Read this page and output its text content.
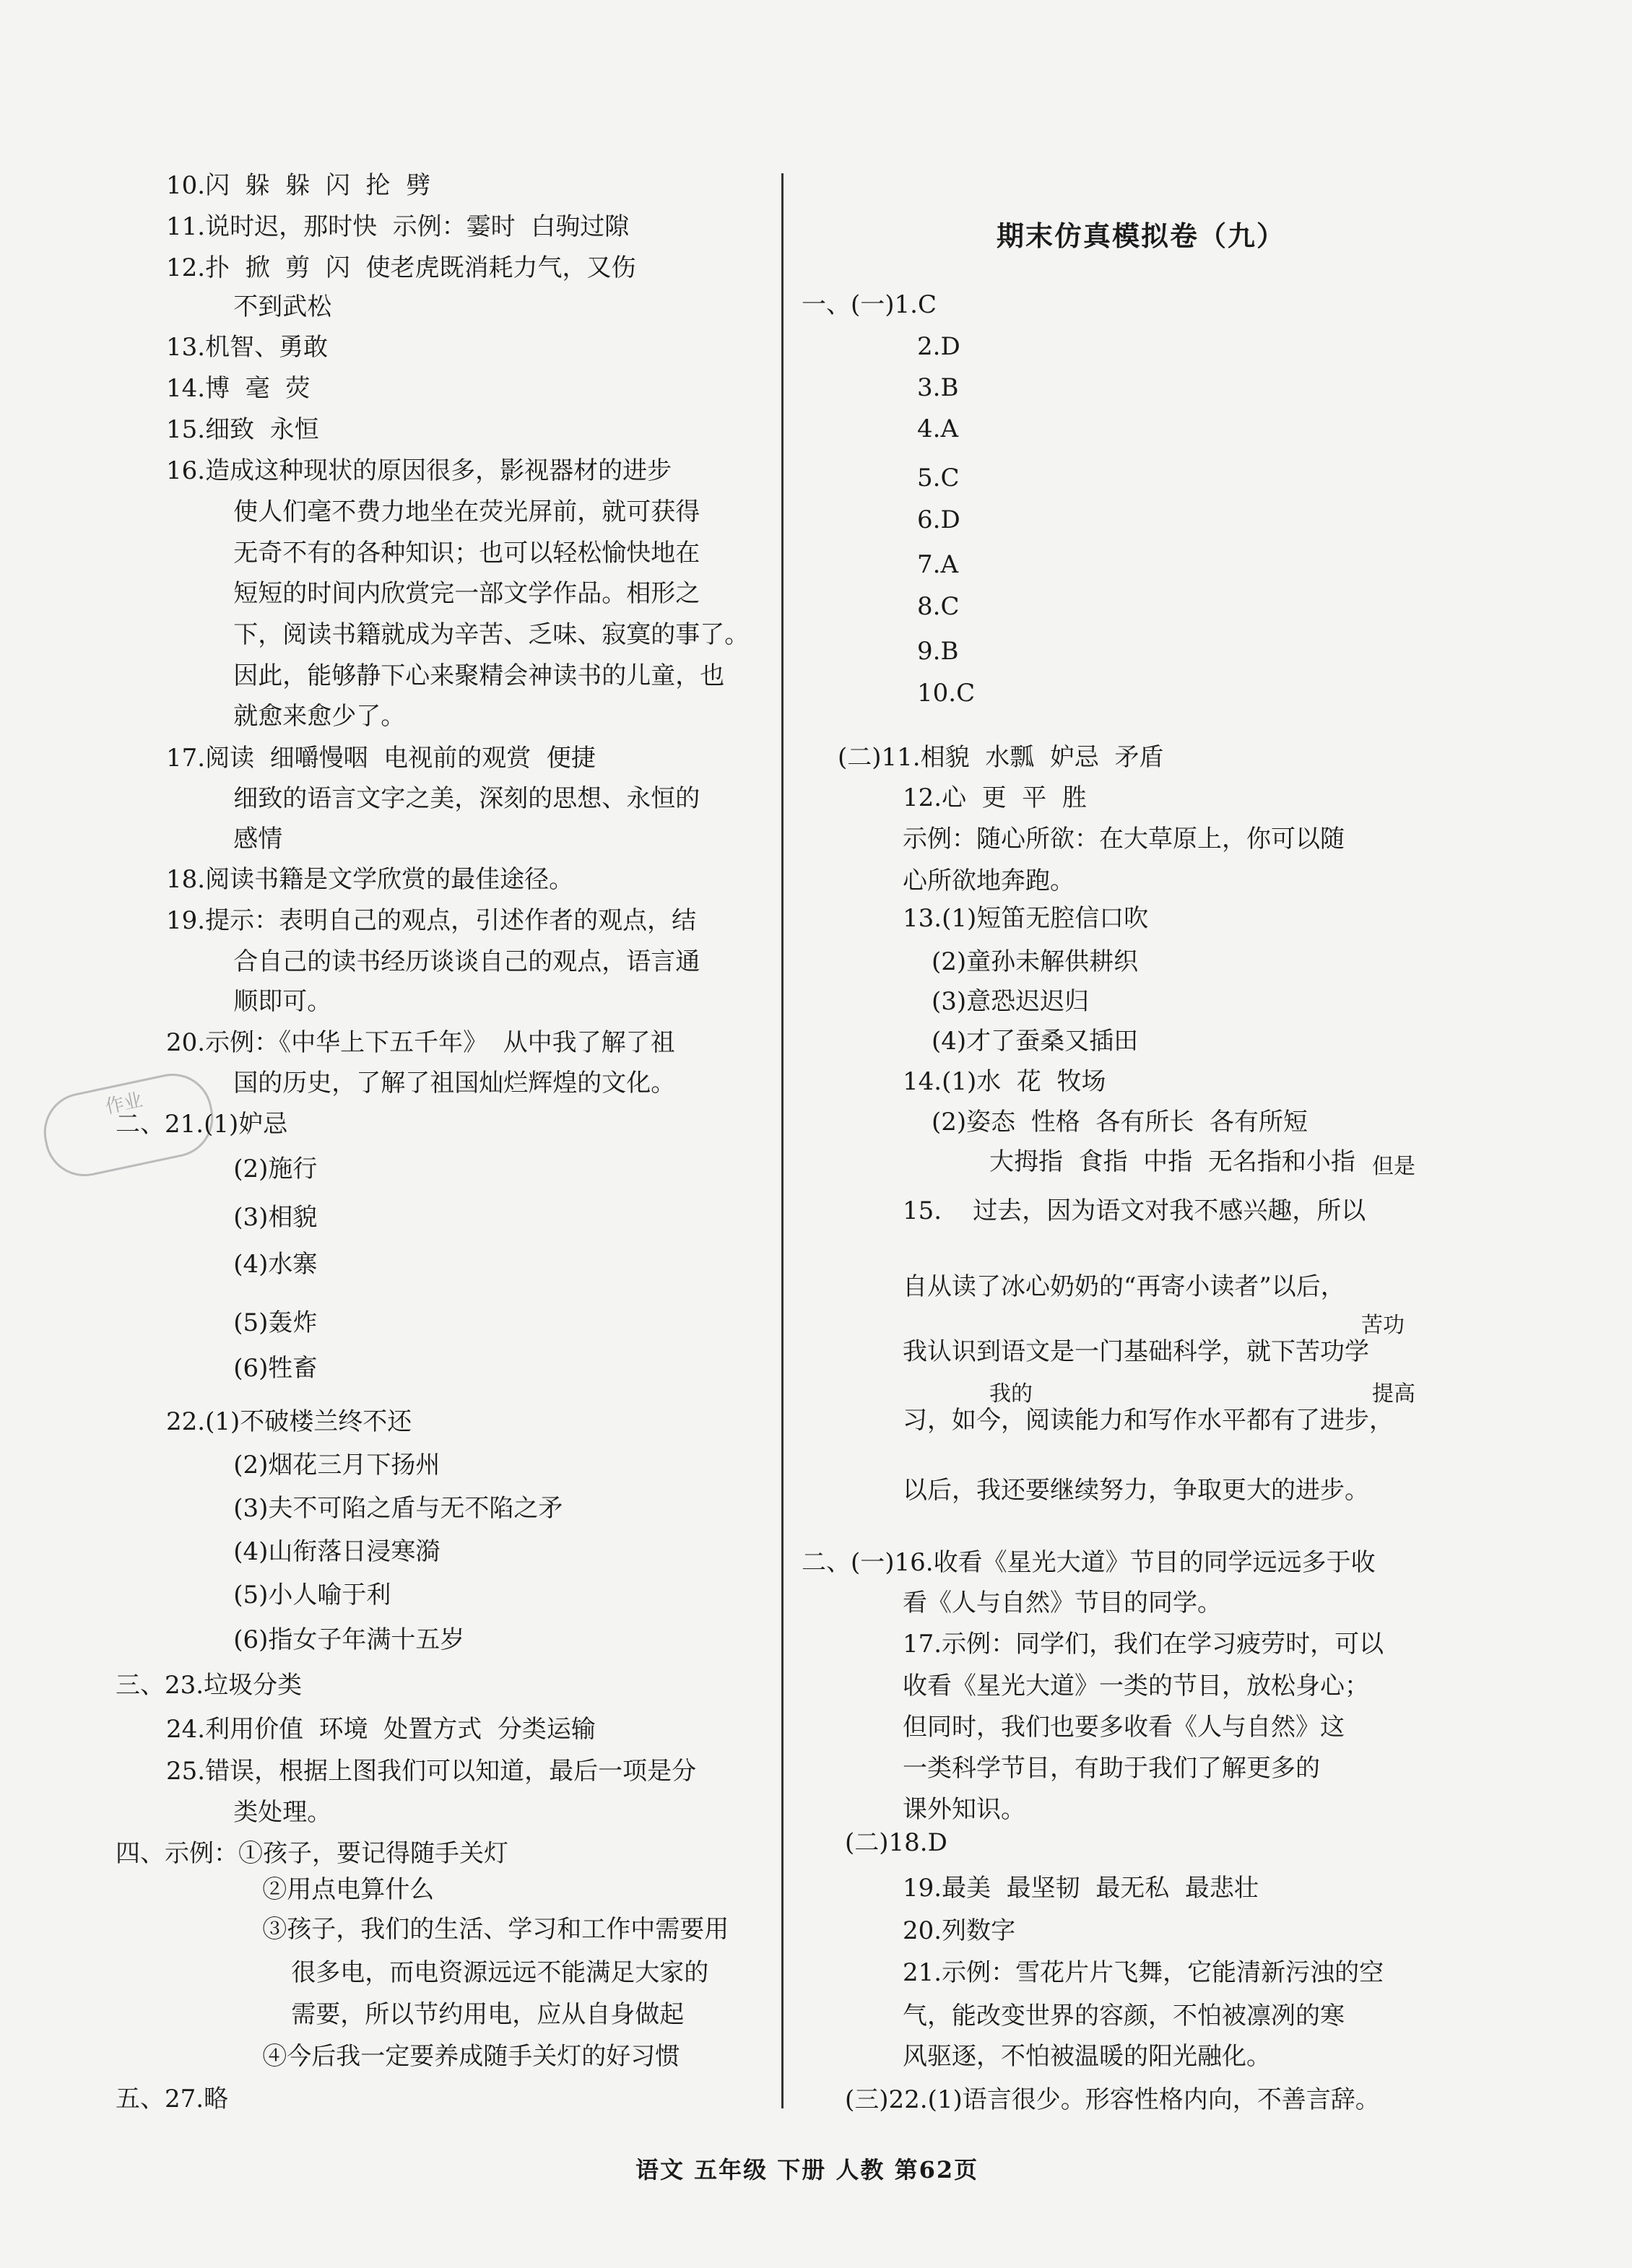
作业
期末仿真模拟卷（九）
10.闪  躲  躲  闪  抡  劈
11.说时迟，那时快  示例：霎时  白驹过隙
12.扑  掀  剪  闪  使老虎既消耗力气，又伤
不到武松
13.机智、勇敢
14.博  毫  荧
15.细致  永恒
16.造成这种现状的原因很多，影视器材的进步
使人们毫不费力地坐在荧光屏前，就可获得
无奇不有的各种知识；也可以轻松愉快地在
短短的时间内欣赏完一部文学作品。相形之
下，阅读书籍就成为辛苦、乏味、寂寞的事了。
因此，能够静下心来聚精会神读书的儿童，也
就愈来愈少了。
17.阅读  细嚼慢咽  电视前的观赏  便捷
细致的语言文字之美，深刻的思想、永恒的
感情
18.阅读书籍是文学欣赏的最佳途径。
19.提示：表明自己的观点，引述作者的观点，结
合自己的读书经历谈谈自己的观点，语言通
顺即可。
20.示例：《中华上下五千年》  从中我了解了祖
国的历史，了解了祖国灿烂辉煌的文化。
二、21.(1)妒忌
(2)施行
(3)相貌
(4)水寨
(5)轰炸
(6)牲畜
22.(1)不破楼兰终不还
(2)烟花三月下扬州
(3)夫不可陷之盾与无不陷之矛
(4)山衔落日浸寒漪
(5)小人喻于利
(6)指女子年满十五岁
三、23.垃圾分类
24.利用价值  环境  处置方式  分类运输
25.错误，根据上图我们可以知道，最后一项是分
类处理。
四、示例：①孩子，要记得随手关灯
②用点电算什么
③孩子，我们的生活、学习和工作中需要用
很多电，而电资源远远不能满足大家的
需要，所以节约用电，应从自身做起
④今后我一定要养成随手关灯的好习惯
五、27.略
一、(一)1.C
2.D
3.B
4.A
5.C
6.D
7.A
8.C
9.B
10.C
(二)11.相貌  水瓢  妒忌  矛盾
12.心  更  平  胜
示例：随心所欲：在大草原上，你可以随
心所欲地奔跑。
13.(1)短笛无腔信口吹
(2)童孙未解供耕织
(3)意恐迟迟归
(4)才了蚕桑又插田
14.(1)水  花  牧场
(2)姿态  性格  各有所长  各有所短
大拇指  食指  中指  无名指和小指
15.    过去，因为语文对我不感兴趣，所以
自从读了冰心奶奶的“再寄小读者”以后，
我认识到语文是一门基础科学，就下苦功学
习，如今，阅读能力和写作水平都有了进步，
以后，我还要继续努力，争取更大的进步。
二、(一)16.收看《星光大道》节目的同学远远多于收
看《人与自然》节目的同学。
17.示例：同学们，我们在学习疲劳时，可以
收看《星光大道》一类的节目，放松身心；
但同时，我们也要多收看《人与自然》这
一类科学节目，有助于我们了解更多的
课外知识。
(二)18.D
19.最美  最坚韧  最无私  最悲壮
20.列数字
21.示例：雪花片片飞舞，它能清新污浊的空
气，能改变世界的容颜，不怕被凛冽的寒
风驱逐，不怕被温暖的阳光融化。
(三)22.(1)语言很少。形容性格内向，不善言辞。
语文 五年级 下册 人教 第62页
但是
苦功
我的	提高
